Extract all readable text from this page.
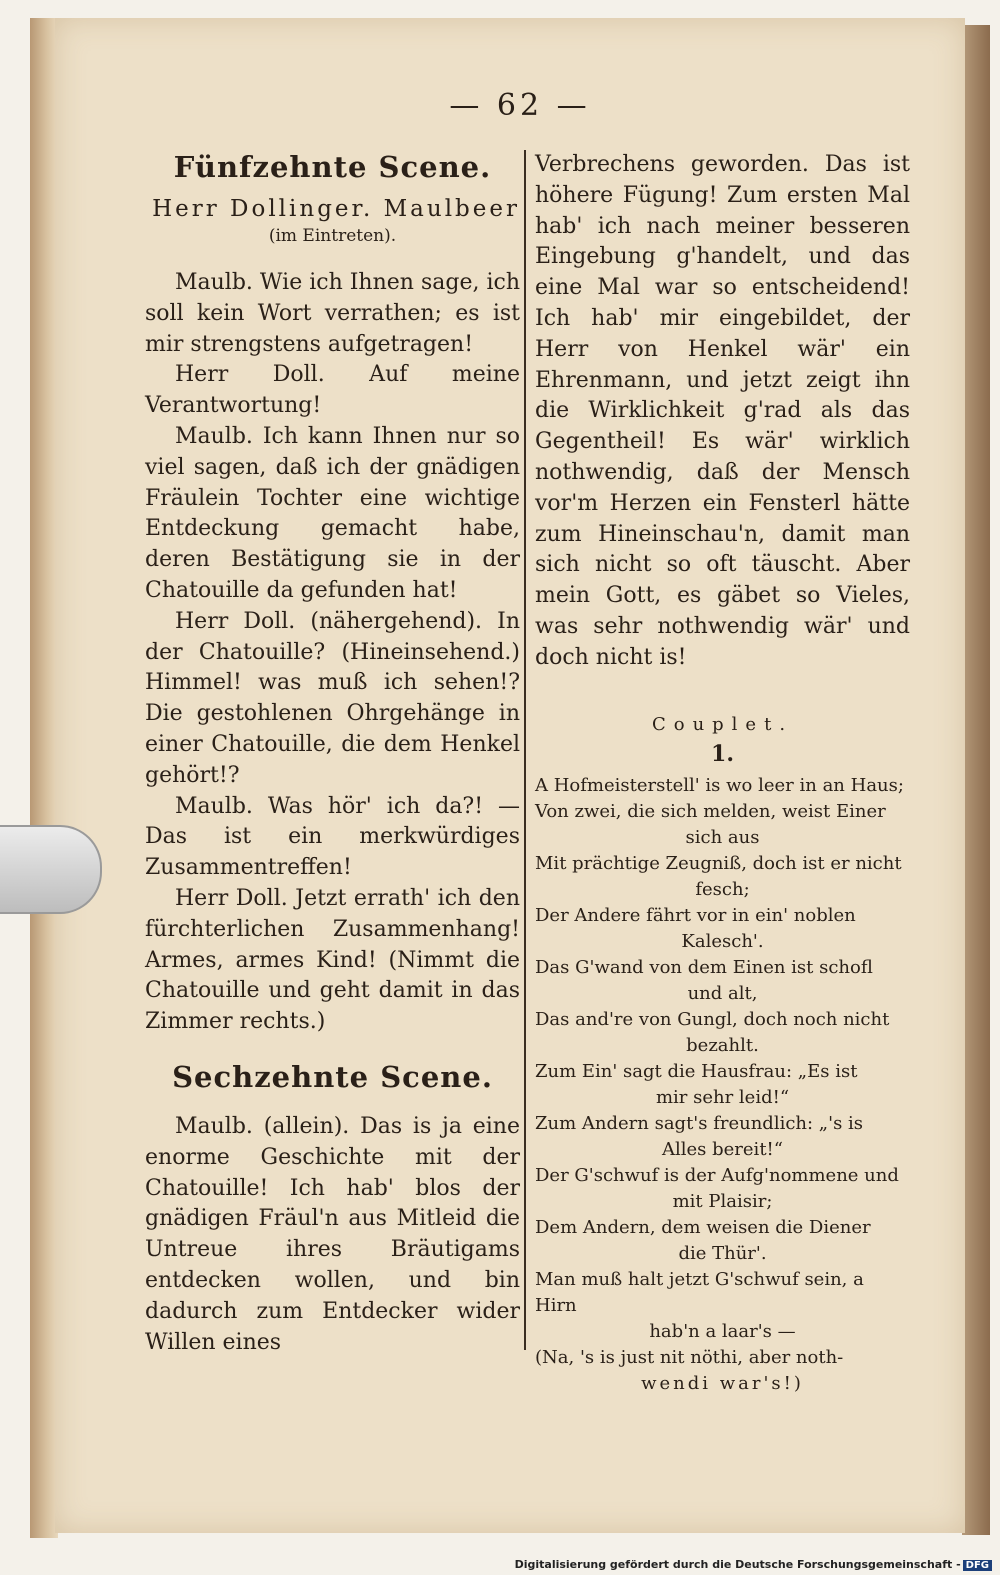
— 62 —
Fünfzehnte Scene.
Herr Dollinger. Maulbeer
(im Eintreten).

Maulb. Wie ich Ihnen sage, ich soll kein Wort verrathen; es ist mir strengstens aufgetragen!

Herr Doll. Auf meine Verantwortung!

Maulb. Ich kann Ihnen nur so viel sagen, daß ich der gnädigen Fräulein Tochter eine wichtige Entdeckung gemacht habe, deren Bestätigung sie in der Chatouille da gefunden hat!

Herr Doll. (nähergehend). In der Chatouille? (Hineinsehend.) Himmel! was muß ich sehen!? Die gestohlenen Ohrgehänge in einer Chatouille, die dem Henkel gehört!?

Maulb. Was hör' ich da?! — Das ist ein merkwürdiges Zusammentreffen!

Herr Doll. Jetzt errath' ich den fürchterlichen Zusammenhang! Armes, armes Kind! (Nimmt die Chatouille und geht damit in das Zimmer rechts.)

Sechzehnte Scene.

Maulb. (allein). Das is ja eine enorme Geschichte mit der Chatouille! Ich hab' blos der gnädigen Fräul'n aus Mitleid die Untreue ihres Bräutigams entdecken wollen, und bin dadurch zum Entdecker wider Willen eines

Verbrechens geworden. Das ist höhere Fügung! Zum ersten Mal hab' ich nach meiner besseren Eingebung g'handelt, und das eine Mal war so entscheidend! Ich hab' mir eingebildet, der Herr von Henkel wär' ein Ehrenmann, und jetzt zeigt ihn die Wirklichkeit g'rad als das Gegentheil! Es wär' wirklich nothwendig, daß der Mensch vor'm Herzen ein Fensterl hätte zum Hineinschau'n, damit man sich nicht so oft täuscht. Aber mein Gott, es gäbet so Vieles, was sehr nothwendig wär' und doch nicht is!

Couplet.
1.
A Hofmeisterstell' is wo leer in an Haus;
Von zwei, die sich melden, weist Einer
sich aus
Mit prächtige Zeugniß, doch ist er nicht
fesch;
Der Andere fährt vor in ein' noblen
Kalesch'.
Das G'wand von dem Einen ist schofl
und alt,
Das and're von Gungl, doch noch nicht
bezahlt.
Zum Ein' sagt die Hausfrau: „Es ist
mir sehr leid!“
Zum Andern sagt's freundlich: „'s is
Alles bereit!“
Der G'schwuf is der Aufg'nommene und
mit Plaisir;
Dem Andern, dem weisen die Diener
die Thür'.
Man muß halt jetzt G'schwuf sein, a Hirn
hab'n a laar's —
(Na, 's is just nit nöthi, aber noth-
wendi war's!)
Digitalisierung gefördert durch die Deutsche Forschungsgemeinschaft - DFG
